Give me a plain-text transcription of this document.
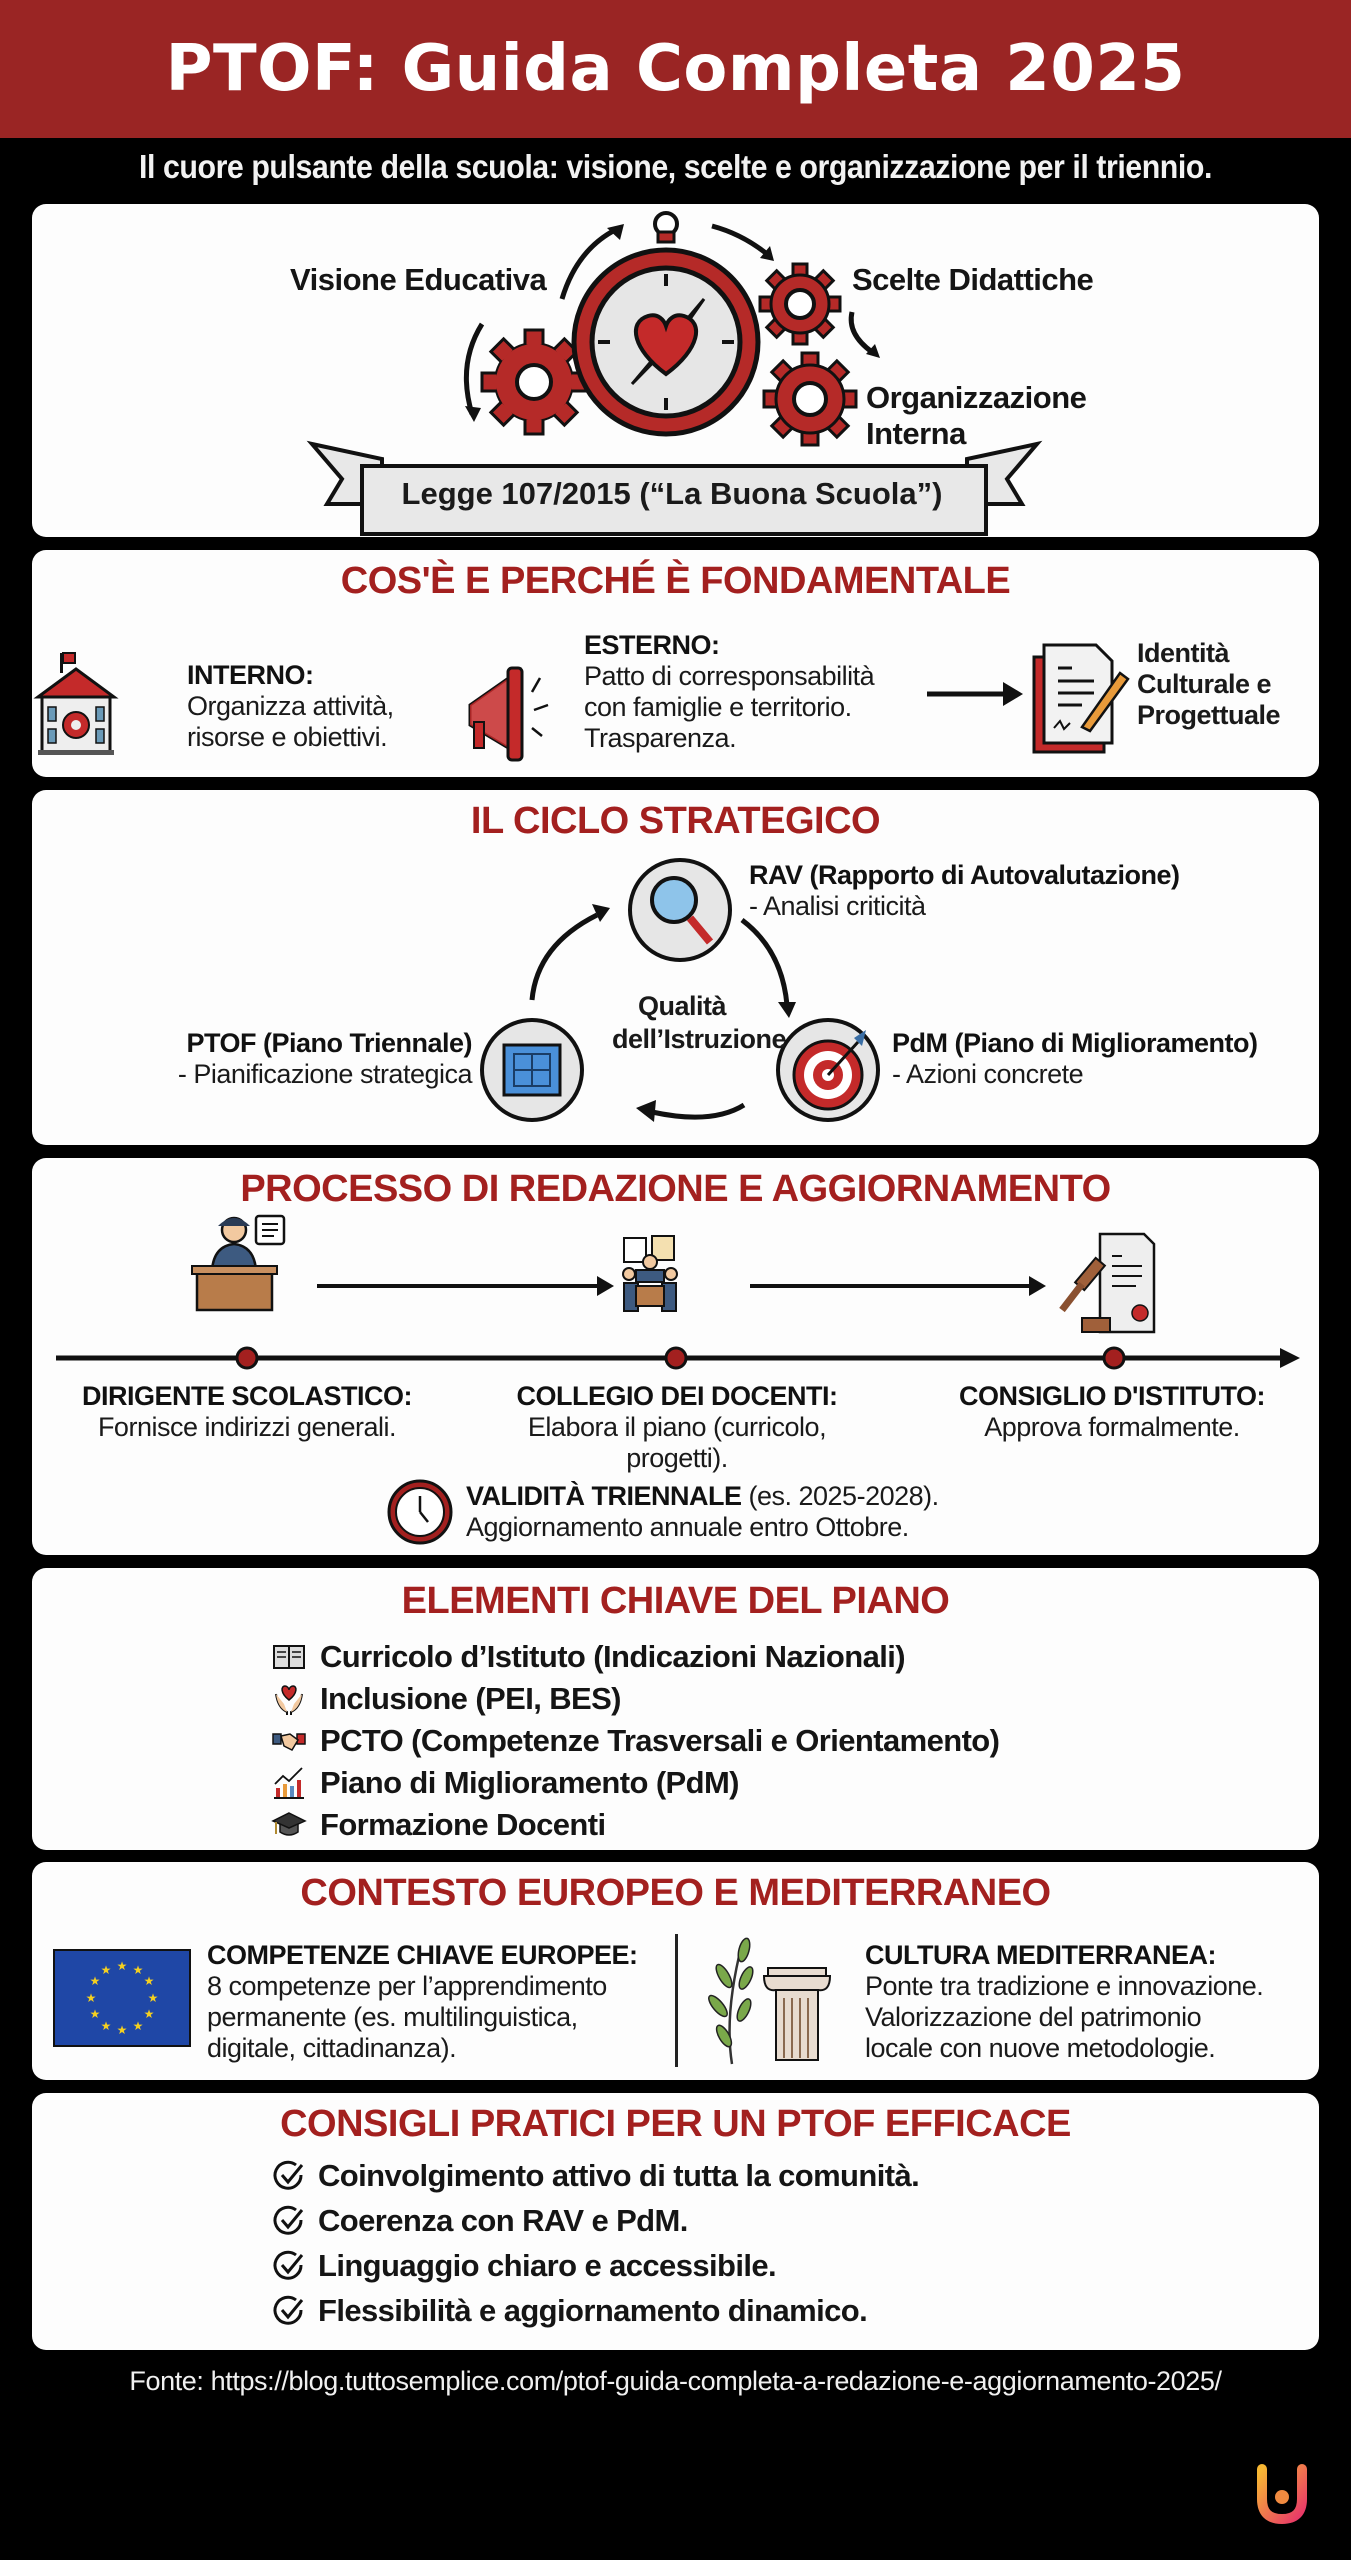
PTOF: Guida Completa 2025
Il cuore pulsante della scuola: visione, scelte e organizzazione per il triennio.
Visione Educativa	Scelte Didattiche
Organizzazione
Interna
Legge 107/2015 (“La Buona Scuola”)
COS'È E PERCHÉ È FONDAMENTALE
INTERNO:
Organizza attività,
risorse e obiettivi.
ESTERNO:
Patto di corresponsabilità
con famiglie e territorio.
Trasparenza.
Identità
Culturale e
Progettuale
IL CICLO STRATEGICO
Qualità
dell’Istruzione
RAV (Rapporto di Autovalutazione)
- Analisi criticità
PdM (Piano di Miglioramento)
- Azioni concrete
PTOF (Piano Triennale)
- Pianificazione strategica
PROCESSO DI REDAZIONE E AGGIORNAMENTO
DIRIGENTE SCOLASTICO:
Fornisce indirizzi generali.
COLLEGIO DEI DOCENTI:
Elabora il piano (curricolo,
progetti).
CONSIGLIO D'ISTITUTO:
Approva formalmente.
VALIDITÀ TRIENNALE (es. 2025-2028).
Aggiornamento annuale entro Ottobre.
ELEMENTI CHIAVE DEL PIANO
Curricolo d’Istituto (Indicazioni Nazionali)
Inclusione (PEI, BES)
PCTO (Competenze Trasversali e Orientamento)
Piano di Miglioramento (PdM)
Formazione Docenti
CONTESTO EUROPEO E MEDITERRANEO
★ ★
★
★
★
★
★
★
★
★
★
★	COMPETENZE CHIAVE EUROPEE:
8 competenze per l’apprendimento
permanente (es. multilinguistica,
digitale, cittadinanza).
CULTURA MEDITERRANEA:
Ponte tra tradizione e innovazione.
Valorizzazione del patrimonio
locale con nuove metodologie.
CONSIGLI PRATICI PER UN PTOF EFFICACE
Coinvolgimento attivo di tutta la comunità.
Coerenza con RAV e PdM.
Linguaggio chiaro e accessibile.
Flessibilità e aggiornamento dinamico.
Fonte: https://blog.tuttosemplice.com/ptof-guida-completa-a-redazione-e-aggiornamento-2025/
